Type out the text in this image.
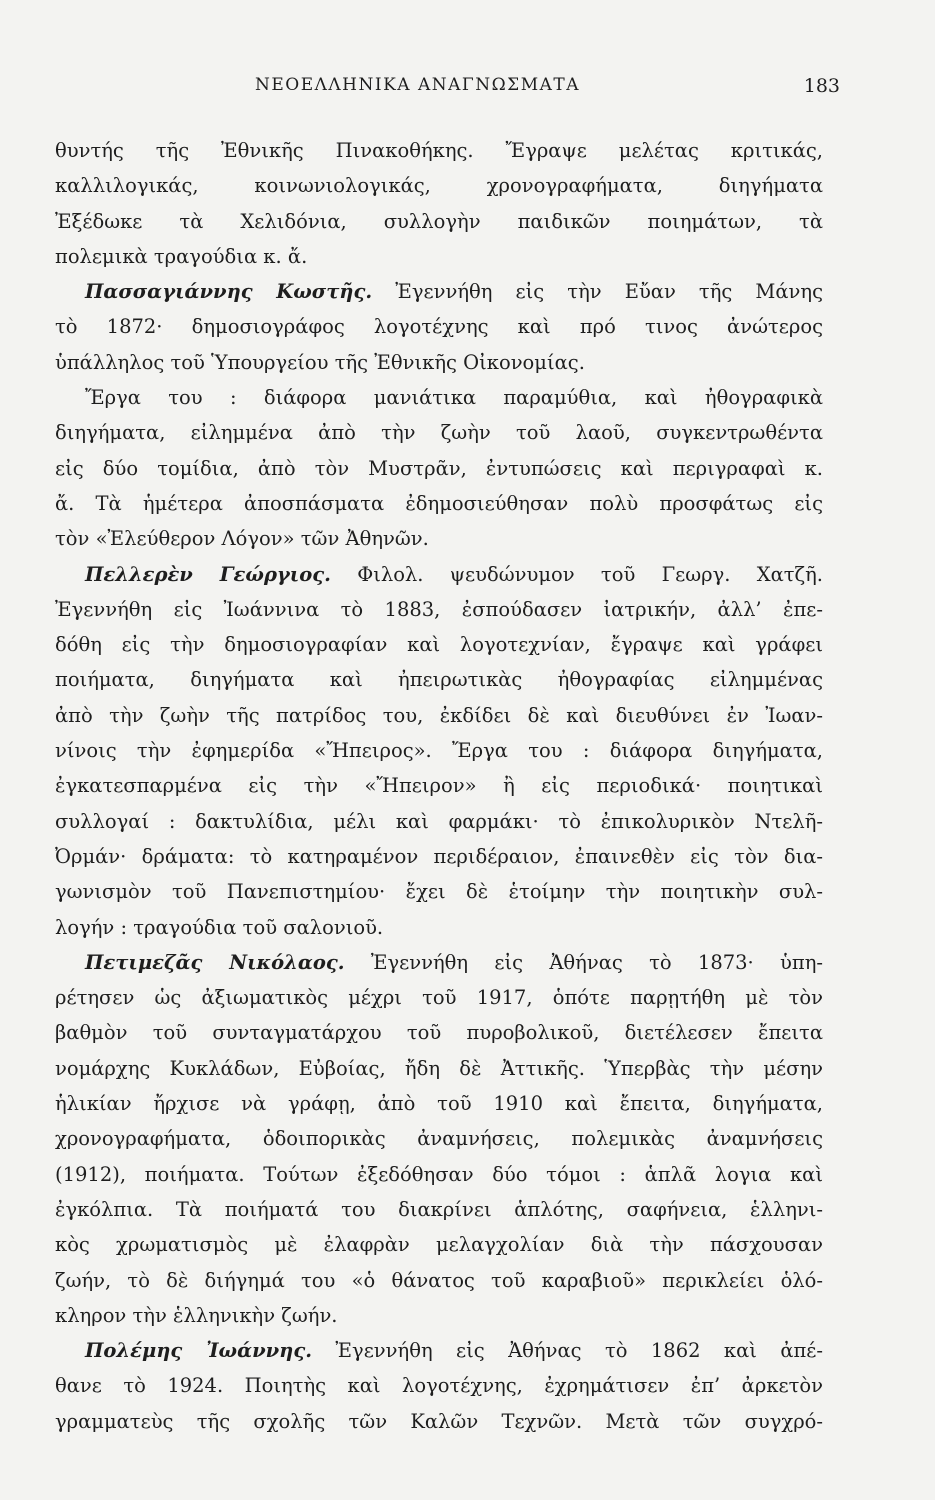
ΝΕΟΕΛΛΗΝΙΚΑ ΑΝΑΓΝΩΣΜΑΤΑ	183
θυντής τῆς Ἐθνικῆς Πινακοθήκης. Ἔγραψε μελέτας κριτικάς,
καλλιλογικάς, κοινωνιολογικάς, χρονογραφήματα, διηγήματα
Ἐξέδωκε τὰ Χελιδόνια, συλλογὴν παιδικῶν ποιημάτων, τὰ
πολεμικὰ τραγούδια κ. ἄ.
Πασσαγιάννης Κωστῆς. Ἐγεννήθη εἰς τὴν Εὔαν τῆς Μάνης
τὸ 1872· δημοσιογράφος λογοτέχνης καὶ πρό τινος ἀνώτερος
ὑπάλληλος τοῦ Ὑπουργείου τῆς Ἐθνικῆς Οἰκονομίας.
Ἔργα του : διάφορα μανιάτικα παραμύθια, καὶ ἠθογραφικὰ
διηγήματα, εἰλημμένα ἀπὸ τὴν ζωὴν τοῦ λαοῦ, συγκεντρωθέντα
εἰς δύο τομίδια, ἀπὸ τὸν Μυστρᾶν, ἐντυπώσεις καὶ περιγραφαὶ κ.
ἄ. Τὰ ἡμέτερα ἀποσπάσματα ἐδημοσιεύθησαν πολὺ προσφάτως εἰς
τὸν «Ἐλεύθερον Λόγον» τῶν Ἀθηνῶν.
Πελλερὲν Γεώργιος. Φιλολ. ψευδώνυμον τοῦ Γεωργ. Χατζῆ.
Ἐγεννήθη εἰς Ἰωάννινα τὸ 1883, ἐσπούδασεν ἰατρικήν, ἀλλ’ ἐπε-
δόθη εἰς τὴν δημοσιογραφίαν καὶ λογοτεχνίαν, ἔγραψε καὶ γράφει
ποιήματα, διηγήματα καὶ ἠπειρωτικὰς ἠθογραφίας εἰλημμένας
ἀπὸ τὴν ζωὴν τῆς πατρίδος του, ἐκδίδει δὲ καὶ διευθύνει ἐν Ἰωαν-
νίνοις τὴν ἐφημερίδα «Ἤπειρος». Ἔργα του : διάφορα διηγήματα,
ἐγκατεσπαρμένα εἰς τὴν «Ἤπειρον» ἢ εἰς περιοδικά· ποιητικαὶ
συλλογαί : δακτυλίδια, μέλι καὶ φαρμάκι· τὸ ἐπικολυρικὸν Ντελῆ-
Ὀρμάν· δράματα: τὸ κατηραμένον περιδέραιον, ἐπαινεθὲν εἰς τὸν δια-
γωνισμὸν τοῦ Πανεπιστημίου· ἔχει δὲ ἑτοίμην τὴν ποιητικὴν συλ-
λογήν : τραγούδια τοῦ σαλονιοῦ.
Πετιμεζᾶς Νικόλαος. Ἐγεννήθη εἰς Ἀθήνας τὸ 1873· ὑπη-
ρέτησεν ὡς ἀξιωματικὸς μέχρι τοῦ 1917, ὁπότε παρῃτήθη μὲ τὸν
βαθμὸν τοῦ συνταγματάρχου τοῦ πυροβολικοῦ, διετέλεσεν ἔπειτα
νομάρχης Κυκλάδων, Εὐβοίας, ἤδη δὲ Ἀττικῆς. Ὑπερβὰς τὴν μέσην
ἡλικίαν ἤρχισε νὰ γράφῃ, ἀπὸ τοῦ 1910 καὶ ἔπειτα, διηγήματα,
χρονογραφήματα, ὁδοιπορικὰς ἀναμνήσεις, πολεμικὰς ἀναμνήσεις
(1912), ποιήματα. Τούτων ἐξεδόθησαν δύο τόμοι : ἁπλᾶ λογια καὶ
ἐγκόλπια. Τὰ ποιήματά του διακρίνει ἁπλότης, σαφήνεια, ἑλληνι-
κὸς χρωματισμὸς μὲ ἐλαφρὰν μελαγχολίαν διὰ τὴν πάσχουσαν
ζωήν, τὸ δὲ διήγημά του «ὁ θάνατος τοῦ καραβιοῦ» περικλείει ὁλό-
κληρον τὴν ἑλληνικὴν ζωήν.
Πολέμης Ἰωάννης. Ἐγεννήθη εἰς Ἀθήνας τὸ 1862 καὶ ἀπέ-
θανε τὸ 1924. Ποιητὴς καὶ λογοτέχνης, ἐχρημάτισεν ἐπ’ ἀρκετὸν
γραμματεὺς τῆς σχολῆς τῶν Καλῶν Τεχνῶν. Μετὰ τῶν συγχρό-
